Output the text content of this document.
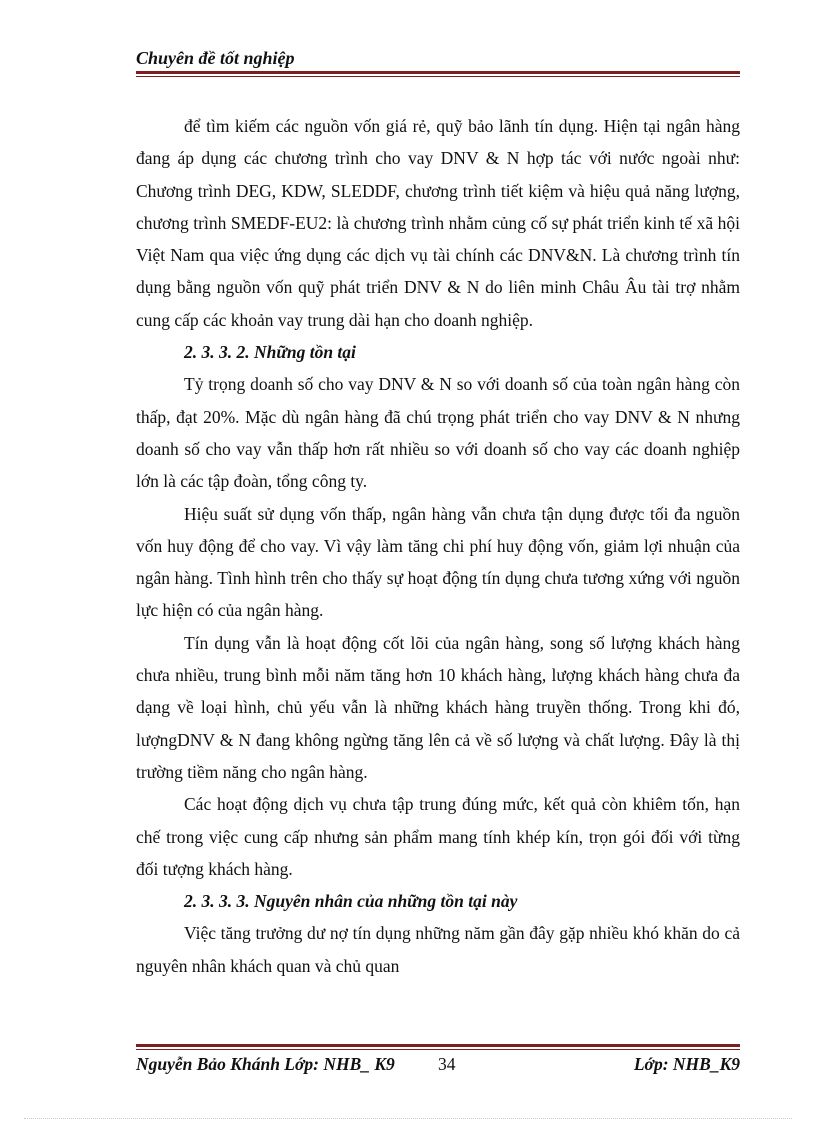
Chuyên đề tốt nghiệp

để tìm kiếm các nguồn vốn giá rẻ, quỹ bảo lãnh tín dụng. Hiện tại ngân hàng đang áp dụng các chương trình cho vay DNV & N hợp tác với nước ngoài như: Chương trình DEG, KDW, SLEDDF, chương trình tiết kiệm và hiệu quả năng lượng, chương trình SMEDF-EU2: là chương trình nhằm củng cố sự phát triển kinh tế xã hội Việt Nam qua việc ứng dụng các dịch vụ tài chính các DNV&N. Là chương trình tín dụng bằng nguồn vốn quỹ phát triển DNV & N do liên minh Châu Âu tài trợ nhằm cung cấp các khoản vay trung dài hạn cho doanh nghiệp.

2. 3. 3. 2. Những tồn tại

Tỷ trọng doanh số cho vay DNV & N so với doanh số của toàn ngân hàng còn thấp, đạt 20%. Mặc dù ngân hàng đã chú trọng phát triển cho vay DNV & N nhưng doanh số cho vay vẫn thấp hơn rất nhiều so với doanh số cho vay các doanh nghiệp lớn là các tập đoàn, tổng công ty.

Hiệu suất sử dụng vốn thấp, ngân hàng vẫn chưa tận dụng được tối đa nguồn vốn huy động để cho vay. Vì vậy làm tăng chi phí huy động vốn, giảm lợi nhuận của ngân hàng. Tình hình trên cho thấy sự hoạt động tín dụng chưa tương xứng với nguồn lực hiện có của ngân hàng.

Tín dụng vẫn là hoạt động cốt lõi của ngân hàng, song số lượng khách hàng chưa nhiều, trung bình mỗi năm tăng hơn 10 khách hàng, lượng khách hàng chưa đa dạng về loại hình, chủ yếu vẫn là những khách hàng truyền thống. Trong khi đó, lượngDNV & N đang không ngừng tăng lên cả về số lượng và chất lượng. Đây là thị trường tiềm năng cho ngân hàng.

Các hoạt động dịch vụ chưa tập trung đúng mức, kết quả còn khiêm tốn, hạn chế trong việc cung cấp nhưng sản phẩm mang tính khép kín, trọn gói đối với từng đối tượng khách hàng.

2. 3. 3. 3. Nguyên nhân của những tồn tại này

Việc tăng trưởng dư nợ tín dụng những năm gần đây gặp nhiều khó khăn do cả nguyên nhân khách quan và chủ quan

Nguyễn Bảo Khánh Lớp: NHB_ K9 34	Lớp: NHB_K9
